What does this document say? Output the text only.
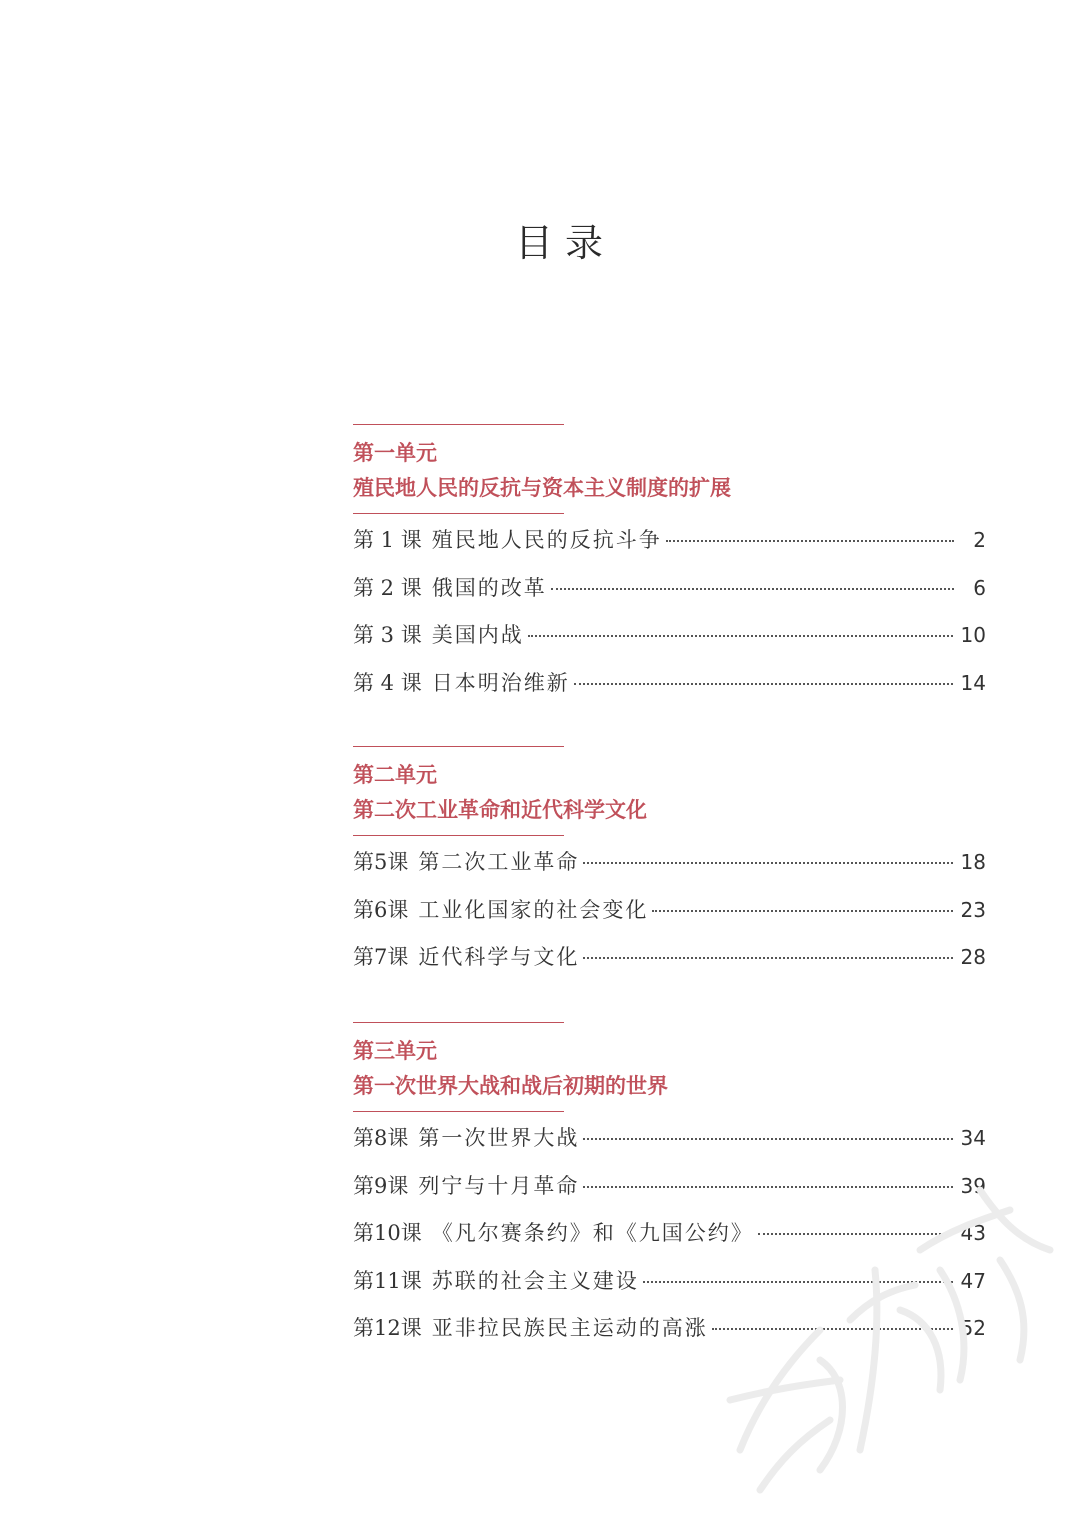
目录
第一单元
殖民地人民的反抗与资本主义制度的扩展
第 1 课 殖民地人民的反抗斗争	2
第 2 课 俄国的改革	6
第 3 课 美国内战	10
第 4 课 日本明治维新	14
第二单元
第二次工业革命和近代科学文化
第5课 第二次工业革命	18
第6课 工业化国家的社会变化	23
第7课 近代科学与文化	28
第三单元
第一次世界大战和战后初期的世界
第8课 第一次世界大战	34
第9课 列宁与十月革命	39
第10课 《凡尔赛条约》和《九国公约》	43
第11课 苏联的社会主义建设	47
第12课 亚非拉民族民主运动的高涨	52
